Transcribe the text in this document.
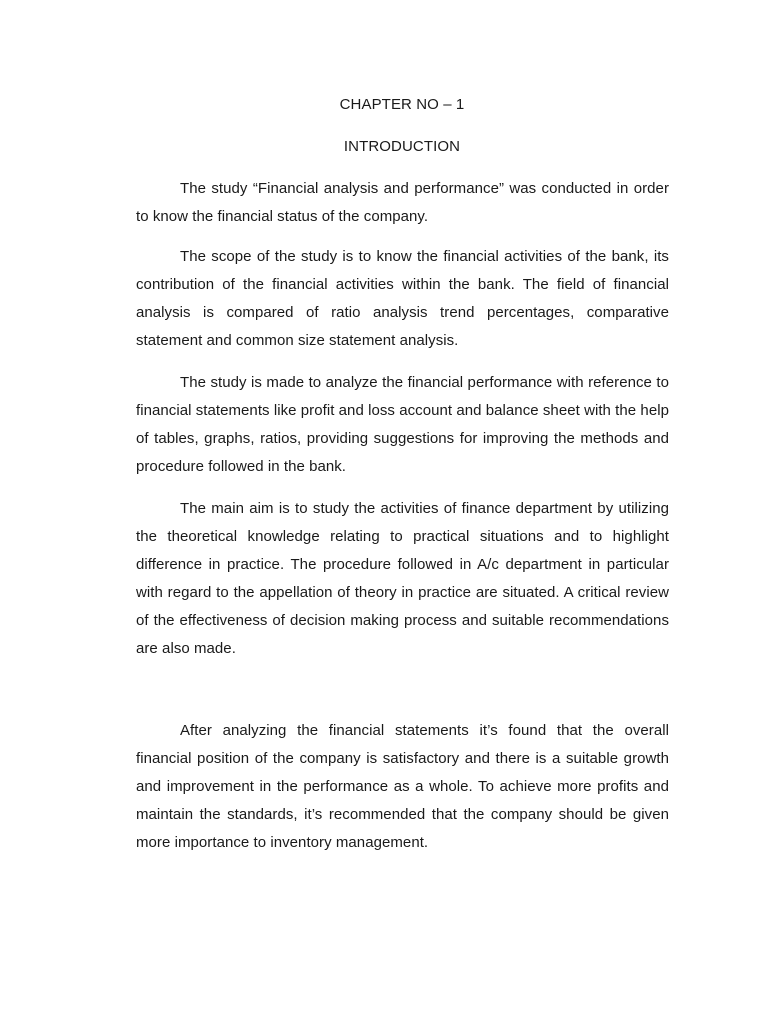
CHAPTER NO – 1
INTRODUCTION

The study “Financial analysis and performance” was conducted in order to know the financial status of the company.

The scope of the study is to know the financial activities of the bank, its contribution of the financial activities within the bank. The field of financial analysis is compared of ratio analysis trend percentages, comparative statement and common size statement analysis.

The study is made to analyze the financial performance with reference to financial statements like profit and loss account and balance sheet with the help of tables, graphs, ratios, providing suggestions for improving the methods and procedure followed in the bank.

The main aim is to study the activities of finance department by utilizing the theoretical knowledge relating to practical situations and to highlight difference in practice. The procedure followed in A/c department in particular with regard to the appellation of theory in practice are situated. A critical review of the effectiveness of decision making process and suitable recommendations are also made.

After analyzing the financial statements it’s found that the overall financial position of the company is satisfactory and there is a suitable growth and improvement in the performance as a whole. To achieve more profits and maintain the standards, it’s recommended that the company should be given more importance to inventory management.
